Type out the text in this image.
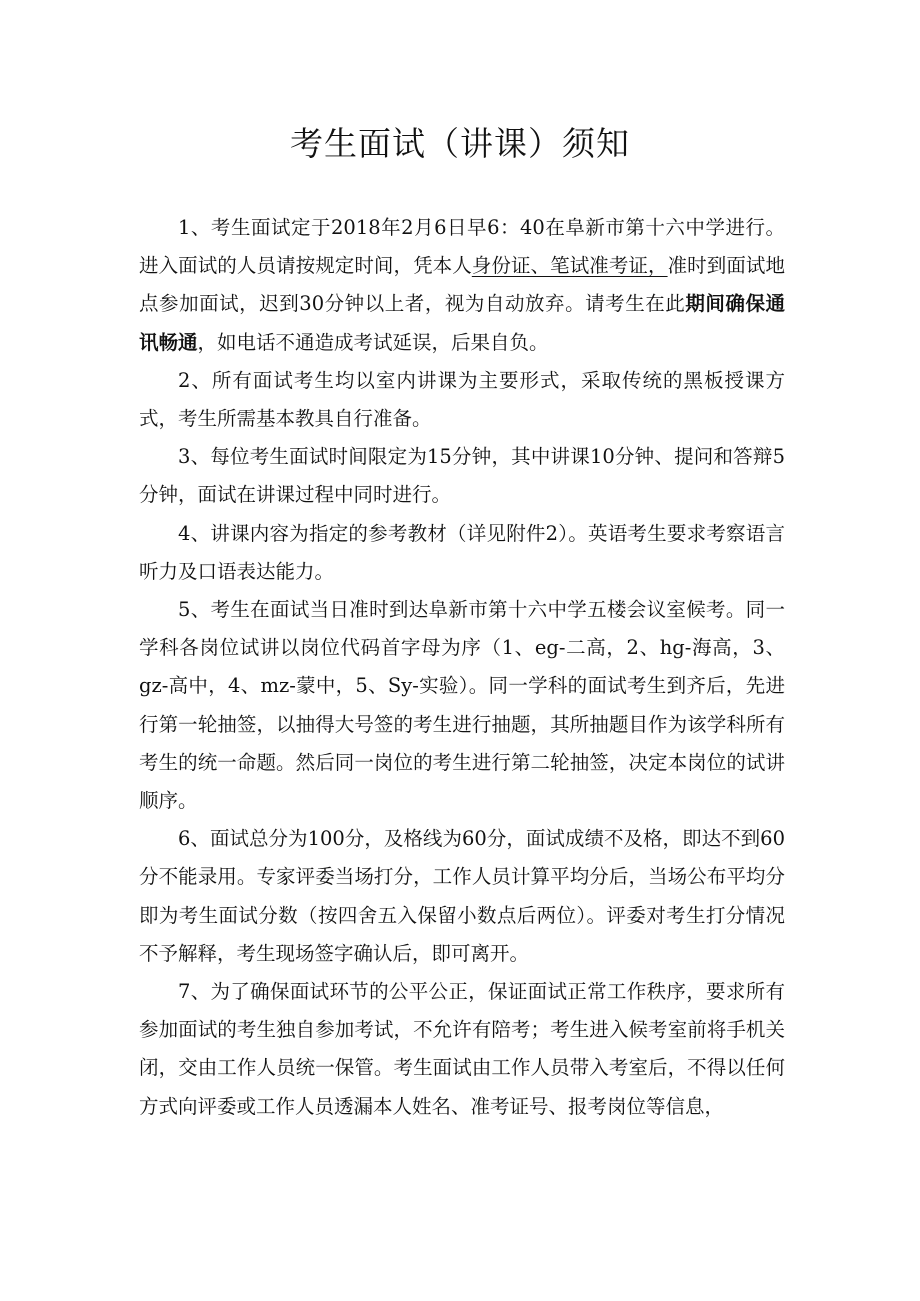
考生面试（讲课）须知

1、考生面试定于2018年2月6日早6：40在阜新市第十六中学进行。进入面试的人员请按规定时间，凭本人身份证、笔试准考证，准时到面试地点参加面试，迟到30分钟以上者，视为自动放弃。请考生在此期间确保通讯畅通，如电话不通造成考试延误，后果自负。

2、所有面试考生均以室内讲课为主要形式，采取传统的黑板授课方式，考生所需基本教具自行准备。

3、每位考生面试时间限定为15分钟，其中讲课10分钟、提问和答辩5分钟，面试在讲课过程中同时进行。

4、讲课内容为指定的参考教材（详见附件2）。英语考生要求考察语言听力及口语表达能力。

5、考生在面试当日准时到达阜新市第十六中学五楼会议室候考。同一学科各岗位试讲以岗位代码首字母为序（1、eg-二高，2、hg-海高，3、gz-高中，4、mz-蒙中，5、Sy-实验）。同一学科的面试考生到齐后，先进行第一轮抽签，以抽得大号签的考生进行抽题，其所抽题目作为该学科所有考生的统一命题。然后同一岗位的考生进行第二轮抽签，决定本岗位的试讲顺序。

6、面试总分为100分，及格线为60分，面试成绩不及格，即达不到60分不能录用。专家评委当场打分，工作人员计算平均分后，当场公布平均分即为考生面试分数（按四舍五入保留小数点后两位）。评委对考生打分情况不予解释，考生现场签字确认后，即可离开。

7、为了确保面试环节的公平公正，保证面试正常工作秩序，要求所有参加面试的考生独自参加考试，不允许有陪考；考生进入候考室前将手机关闭，交由工作人员统一保管。考生面试由工作人员带入考室后，不得以任何方式向评委或工作人员透漏本人姓名、准考证号、报考岗位等信息，
